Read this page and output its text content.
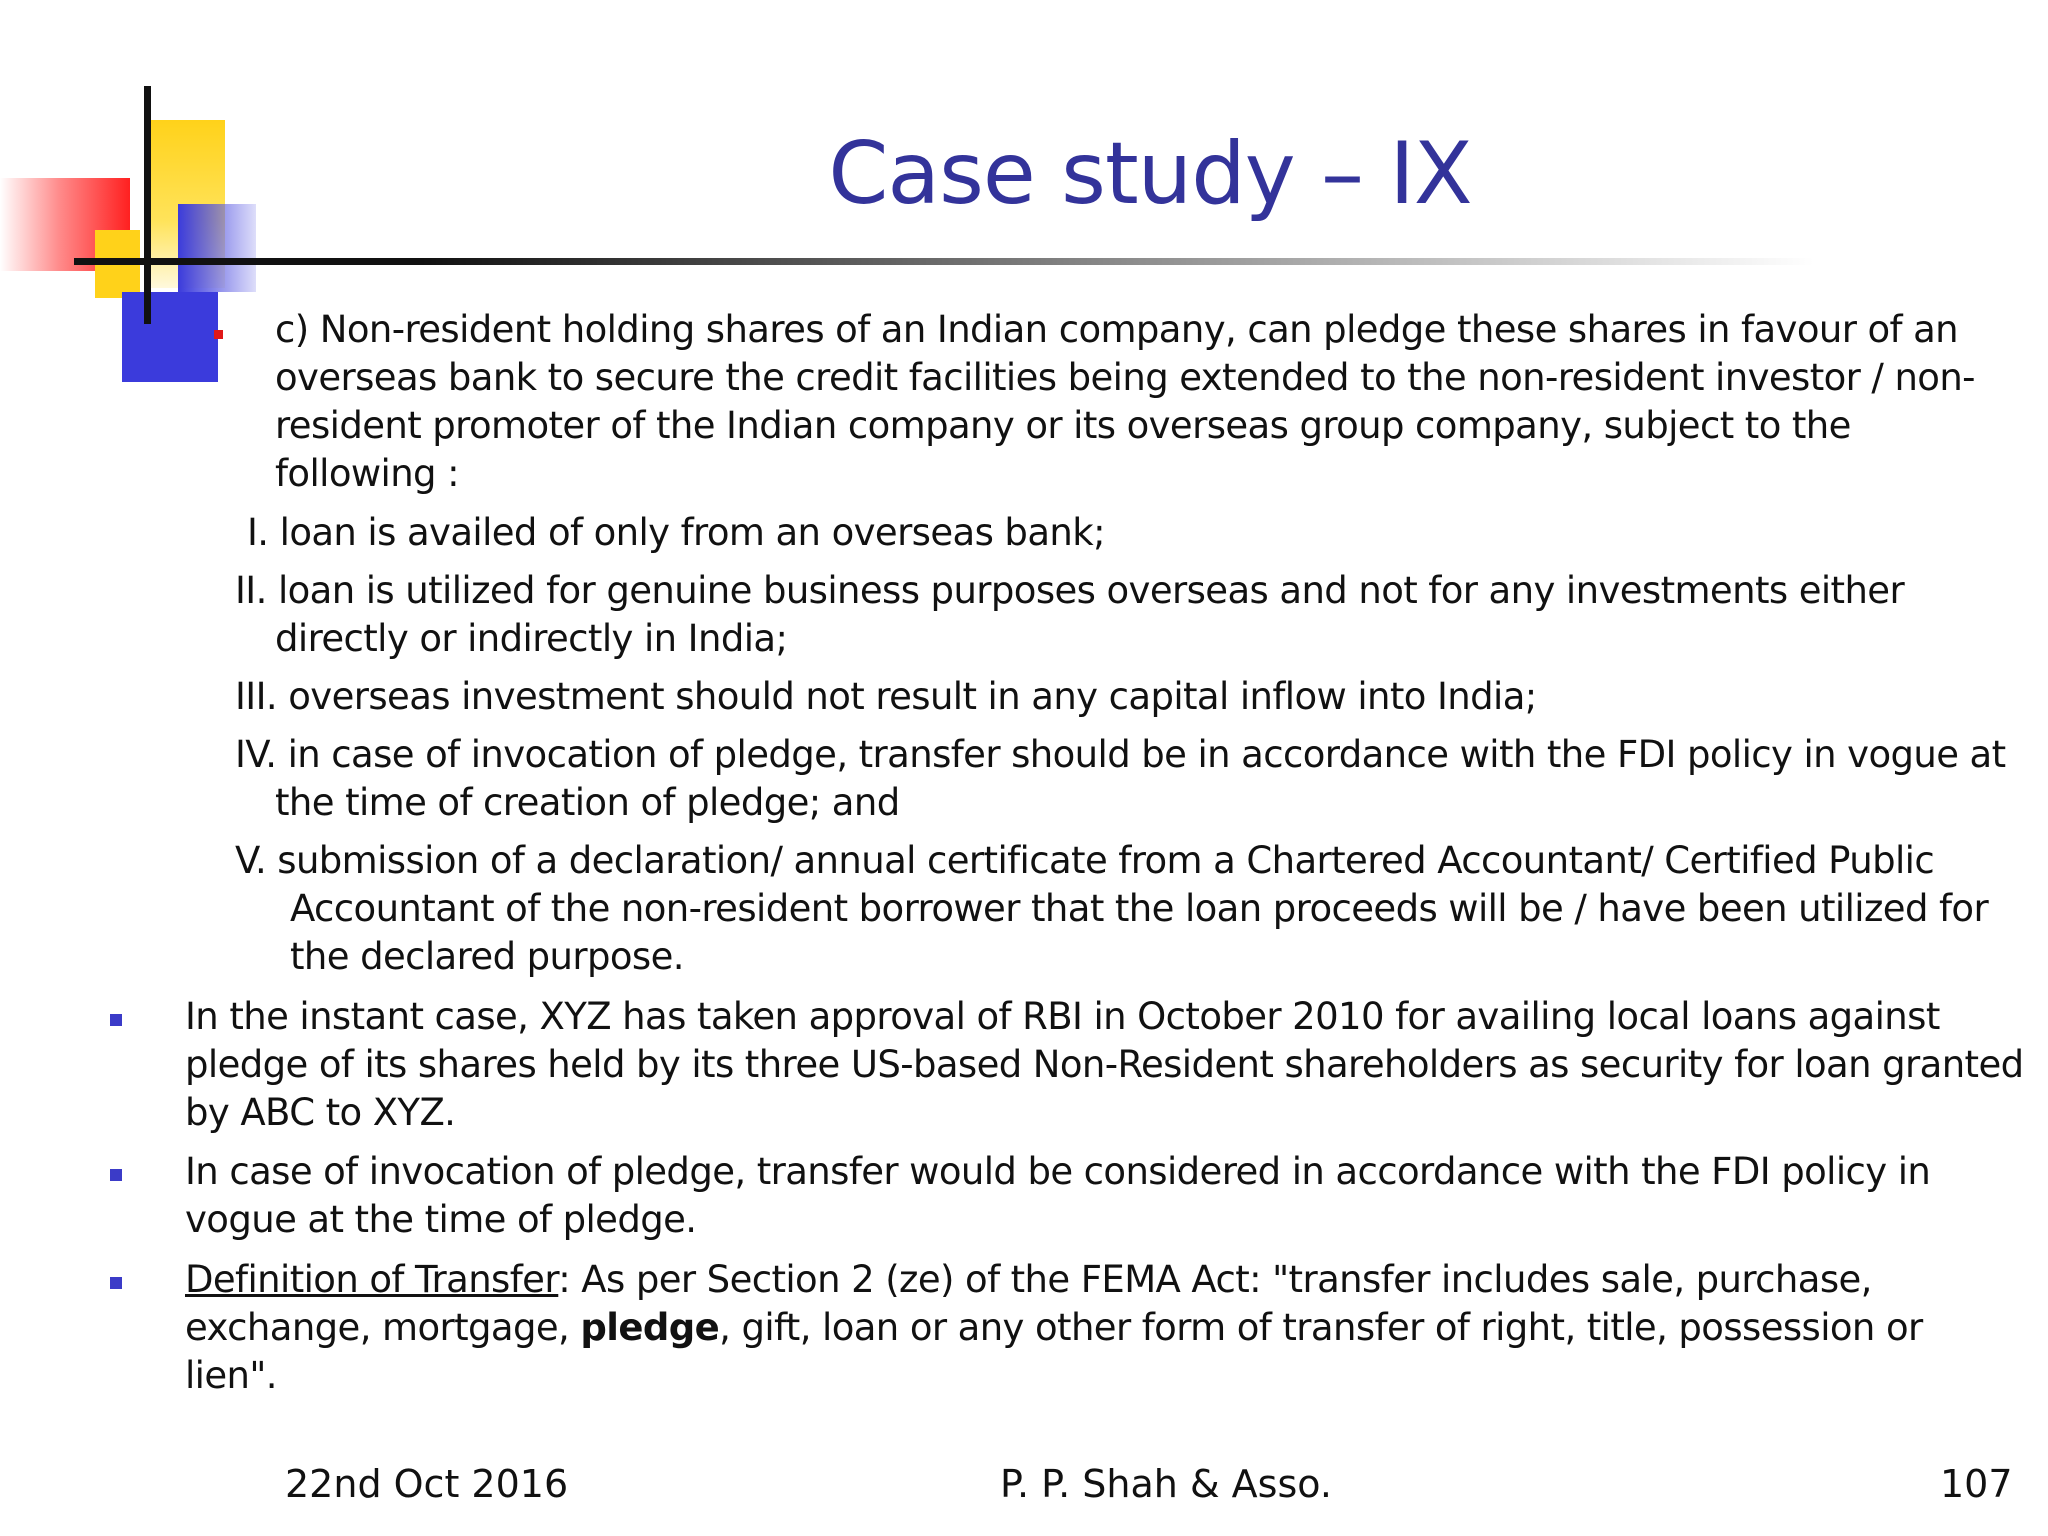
Case study – IX
c) Non-resident holding shares of an Indian company, can pledge these shares in favour of an
overseas bank to secure the credit facilities being extended to the non-resident investor / non-
resident promoter of the Indian company or its overseas group company, subject to the
following :
I. loan is availed of only from an overseas bank;
II. loan is utilized for genuine business purposes overseas and not for any investments either
directly or indirectly in India;
III. overseas investment should not result in any capital inflow into India;
IV. in case of invocation of pledge, transfer should be in accordance with the FDI policy in vogue at
the time of creation of pledge; and
V. submission of a declaration/ annual certificate from a Chartered Accountant/ Certified Public
Accountant of the non-resident borrower that the loan proceeds will be / have been utilized for
the declared purpose.
In the instant case, XYZ has taken approval of RBI in October 2010 for availing local loans against
pledge of its shares held by its three US-based Non-Resident shareholders as security for loan granted
by ABC to XYZ.
In case of invocation of pledge, transfer would be considered in accordance with the FDI policy in
vogue at the time of pledge.
Definition of Transfer: As per Section 2 (ze) of the FEMA Act: "transfer includes sale, purchase,
exchange, mortgage, pledge, gift, loan or any other form of transfer of right, title, possession or
lien".
22nd Oct 2016	P. P. Shah & Asso.	107
